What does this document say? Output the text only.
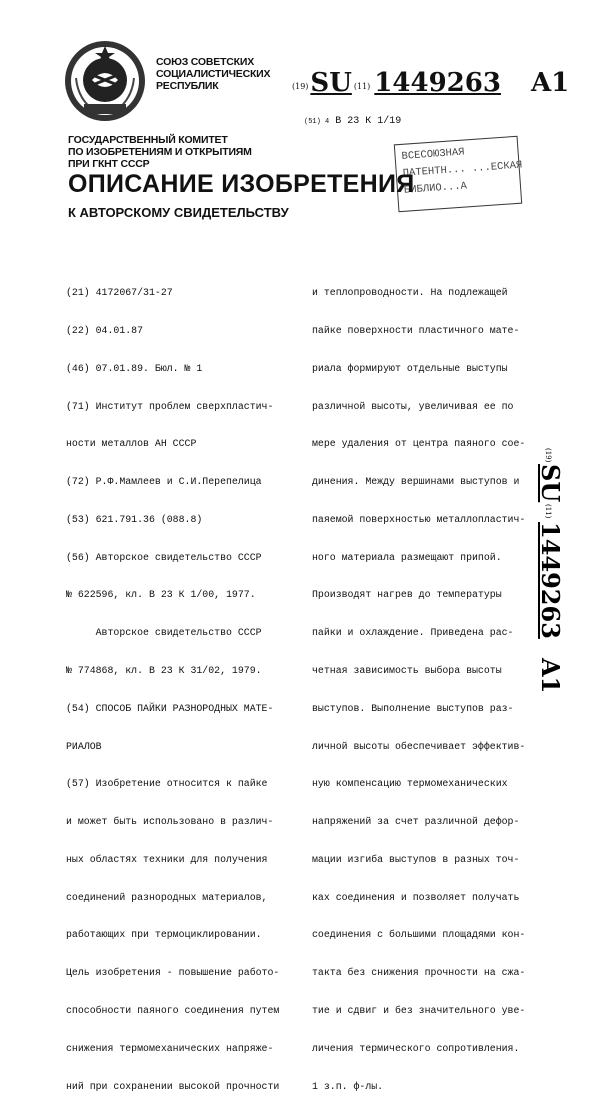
СОЮЗ СОВЕТСКИХ
СОЦИАЛИСТИЧЕСКИХ
РЕСПУБЛИК	(19)SU (11) 1449263 A1
(51) 4 В 23 К 1/19
ГОСУДАРСТВЕННЫЙ КОМИТЕТ
ПО ИЗОБРЕТЕНИЯМ И ОТКРЫТИЯМ
ПРИ ГКНТ СССР
ВСЕСОЮЗНАЯ
ПАТЕНТН... ...ЕСКАЯ
БИБЛИО...А
ОПИСАНИЕ ИЗОБРЕТЕНИЯ
К АВТОРСКОМУ СВИДЕТЕЛЬСТВУ

(21) 4172067/31-27

(22) 04.01.87

(46) 07.01.89. Бюл. № 1

(71) Институт проблем сверхпластич-

ности металлов АН СССР

(72) Р.Ф.Мамлеев и С.И.Перепелица

(53) 621.791.36 (088.8)

(56) Авторское свидетельство СССР

№ 622596, кл. В 23 К 1/00, 1977.

Авторское свидетельство СССР

№ 774868, кл. В 23 К 31/02, 1979.

(54) СПОСОБ ПАЙКИ РАЗНОРОДНЫХ МАТЕ-

РИАЛОВ

(57) Изобретение относится к пайке

и может быть использовано в различ-

ных областях техники для получения

соединений разнородных материалов,

работающих при термоциклировании.

Цель изобретения - повышение работо-

способности паяного соединения путем

снижения термомеханических напряже-

ний при сохранении высокой прочности

и теплопроводности. На подлежащей

пайке поверхности пластичного мате-

риала формируют отдельные выступы

различной высоты, увеличивая ее по

мере удаления от центра паяного сое-

динения. Между вершинами выступов и

паяемой поверхностью металлопластич-

ного материала размещают припой.

Производят нагрев до температуры

пайки и охлаждение. Приведена рас-

четная зависимость выбора высоты

выступов. Выполнение выступов раз-

личной высоты обеспечивает эффектив-

ную компенсацию термомеханических

напряжений за счет различной дефор-

мации изгиба выступов в разных точ-

ках соединения и позволяет получать

соединения с большими площадями кон-

такта без снижения прочности на сжа-

тие и сдвиг и без значительного уве-

личения термического сопротивления.

1 з.п. ф-лы.

(19)
SU
(11)
1449263
A1
